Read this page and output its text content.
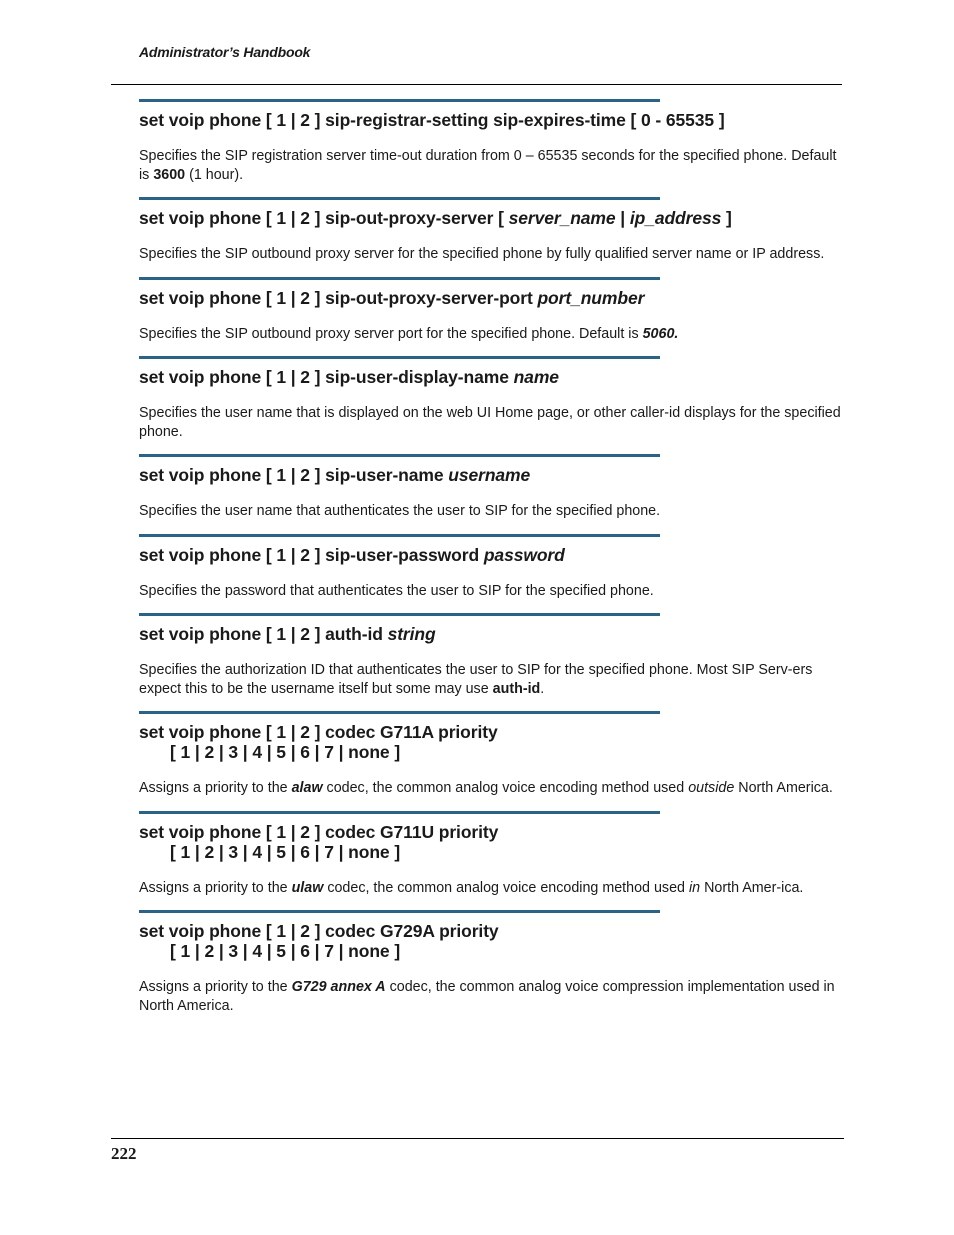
Administrator’s Handbook
set voip phone [ 1 | 2 ] sip-registrar-setting sip-expires-time [ 0 - 65535 ]
Specifies the SIP registration server time-out duration from 0 – 65535 seconds for the specified phone. Default is 3600 (1 hour).
set voip phone [ 1 | 2 ] sip-out-proxy-server [ server_name | ip_address ]
Specifies the SIP outbound proxy server for the specified phone by fully qualified server name or IP address.
set voip phone [ 1 | 2 ] sip-out-proxy-server-port port_number
Specifies the SIP outbound proxy server port for the specified phone. Default is 5060.
set voip phone [ 1 | 2 ] sip-user-display-name name
Specifies the user name that is displayed on the web UI Home page, or other caller-id displays for the specified phone.
set voip phone [ 1 | 2 ] sip-user-name username
Specifies the user name that authenticates the user to SIP for the specified phone.
set voip phone [ 1 | 2 ] sip-user-password password
Specifies the password that authenticates the user to SIP for the specified phone.
set voip phone [ 1 | 2 ] auth-id string
Specifies the authorization ID that authenticates the user to SIP for the specified phone. Most SIP Serv-ers expect this to be the username itself but some may use auth-id.
set voip phone [ 1 | 2 ] codec G711A priority
[ 1 | 2 | 3 | 4 | 5 | 6 | 7 | none ]
Assigns a priority to the alaw codec, the common analog voice encoding method used outside North America.
set voip phone [ 1 | 2 ] codec G711U priority
[ 1 | 2 | 3 | 4 | 5 | 6 | 7 | none ]
Assigns a priority to the ulaw codec, the common analog voice encoding method used in North Amer-ica.
set voip phone [ 1 | 2 ] codec G729A priority
[ 1 | 2 | 3 | 4 | 5 | 6 | 7 | none ]
Assigns a priority to the G729 annex A codec, the common analog voice compression implementation used in North America.
222
